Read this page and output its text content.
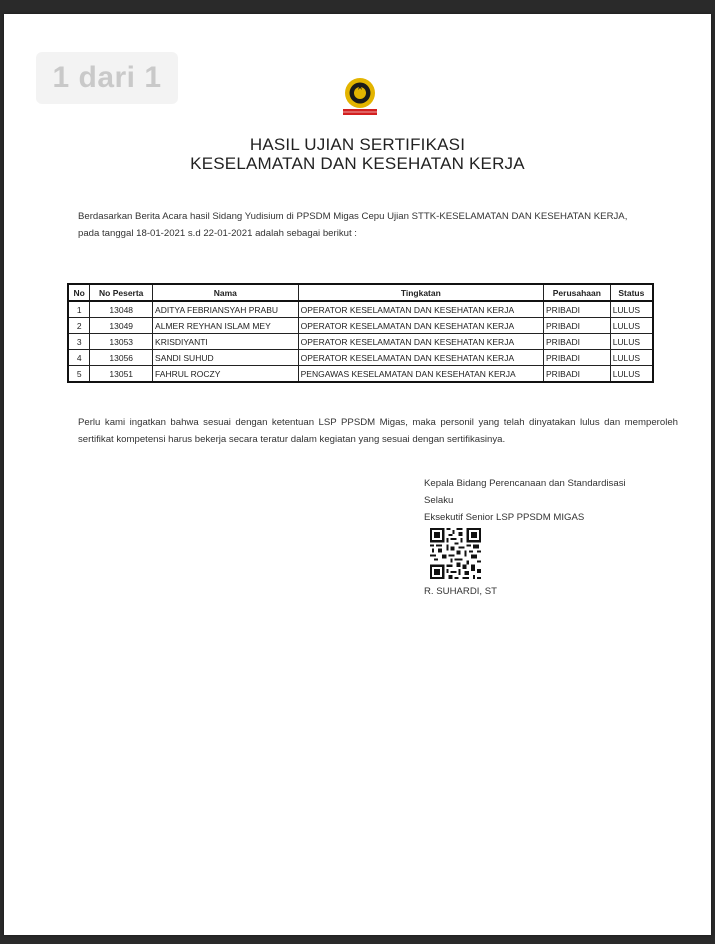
1 dari 1
HASIL UJIAN SERTIFIKASI
KESELAMATAN DAN KESEHATAN KERJA
Berdasarkan Berita Acara hasil Sidang Yudisium di PPSDM Migas Cepu Ujian STTK-KESELAMATAN DAN KESEHATAN KERJA,
pada tanggal 18-01-2021 s.d 22-01-2021 adalah sebagai berikut :
No	No Peserta	Nama	Tingkatan	Perusahaan	Status
1	13048	ADITYA FEBRIANSYAH PRABU	OPERATOR KESELAMATAN DAN KESEHATAN KERJA	PRIBADI	LULUS
2	13049	ALMER REYHAN ISLAM MEY	OPERATOR KESELAMATAN DAN KESEHATAN KERJA	PRIBADI	LULUS
3	13053	KRISDIYANTI	OPERATOR KESELAMATAN DAN KESEHATAN KERJA	PRIBADI	LULUS
4	13056	SANDI SUHUD	OPERATOR KESELAMATAN DAN KESEHATAN KERJA	PRIBADI	LULUS
5	13051	FAHRUL ROCZY	PENGAWAS KESELAMATAN DAN KESEHATAN KERJA	PRIBADI	LULUS
Perlu kami ingatkan bahwa sesuai dengan ketentuan LSP PPSDM Migas, maka personil yang telah dinyatakan lulus dan memperoleh sertifikat kompetensi harus bekerja secara teratur dalam kegiatan yang sesuai dengan sertifikasinya.
Kepala Bidang Perencanaan dan Standardisasi
Selaku
Eksekutif Senior LSP PPSDM MIGAS
R. SUHARDI, ST
